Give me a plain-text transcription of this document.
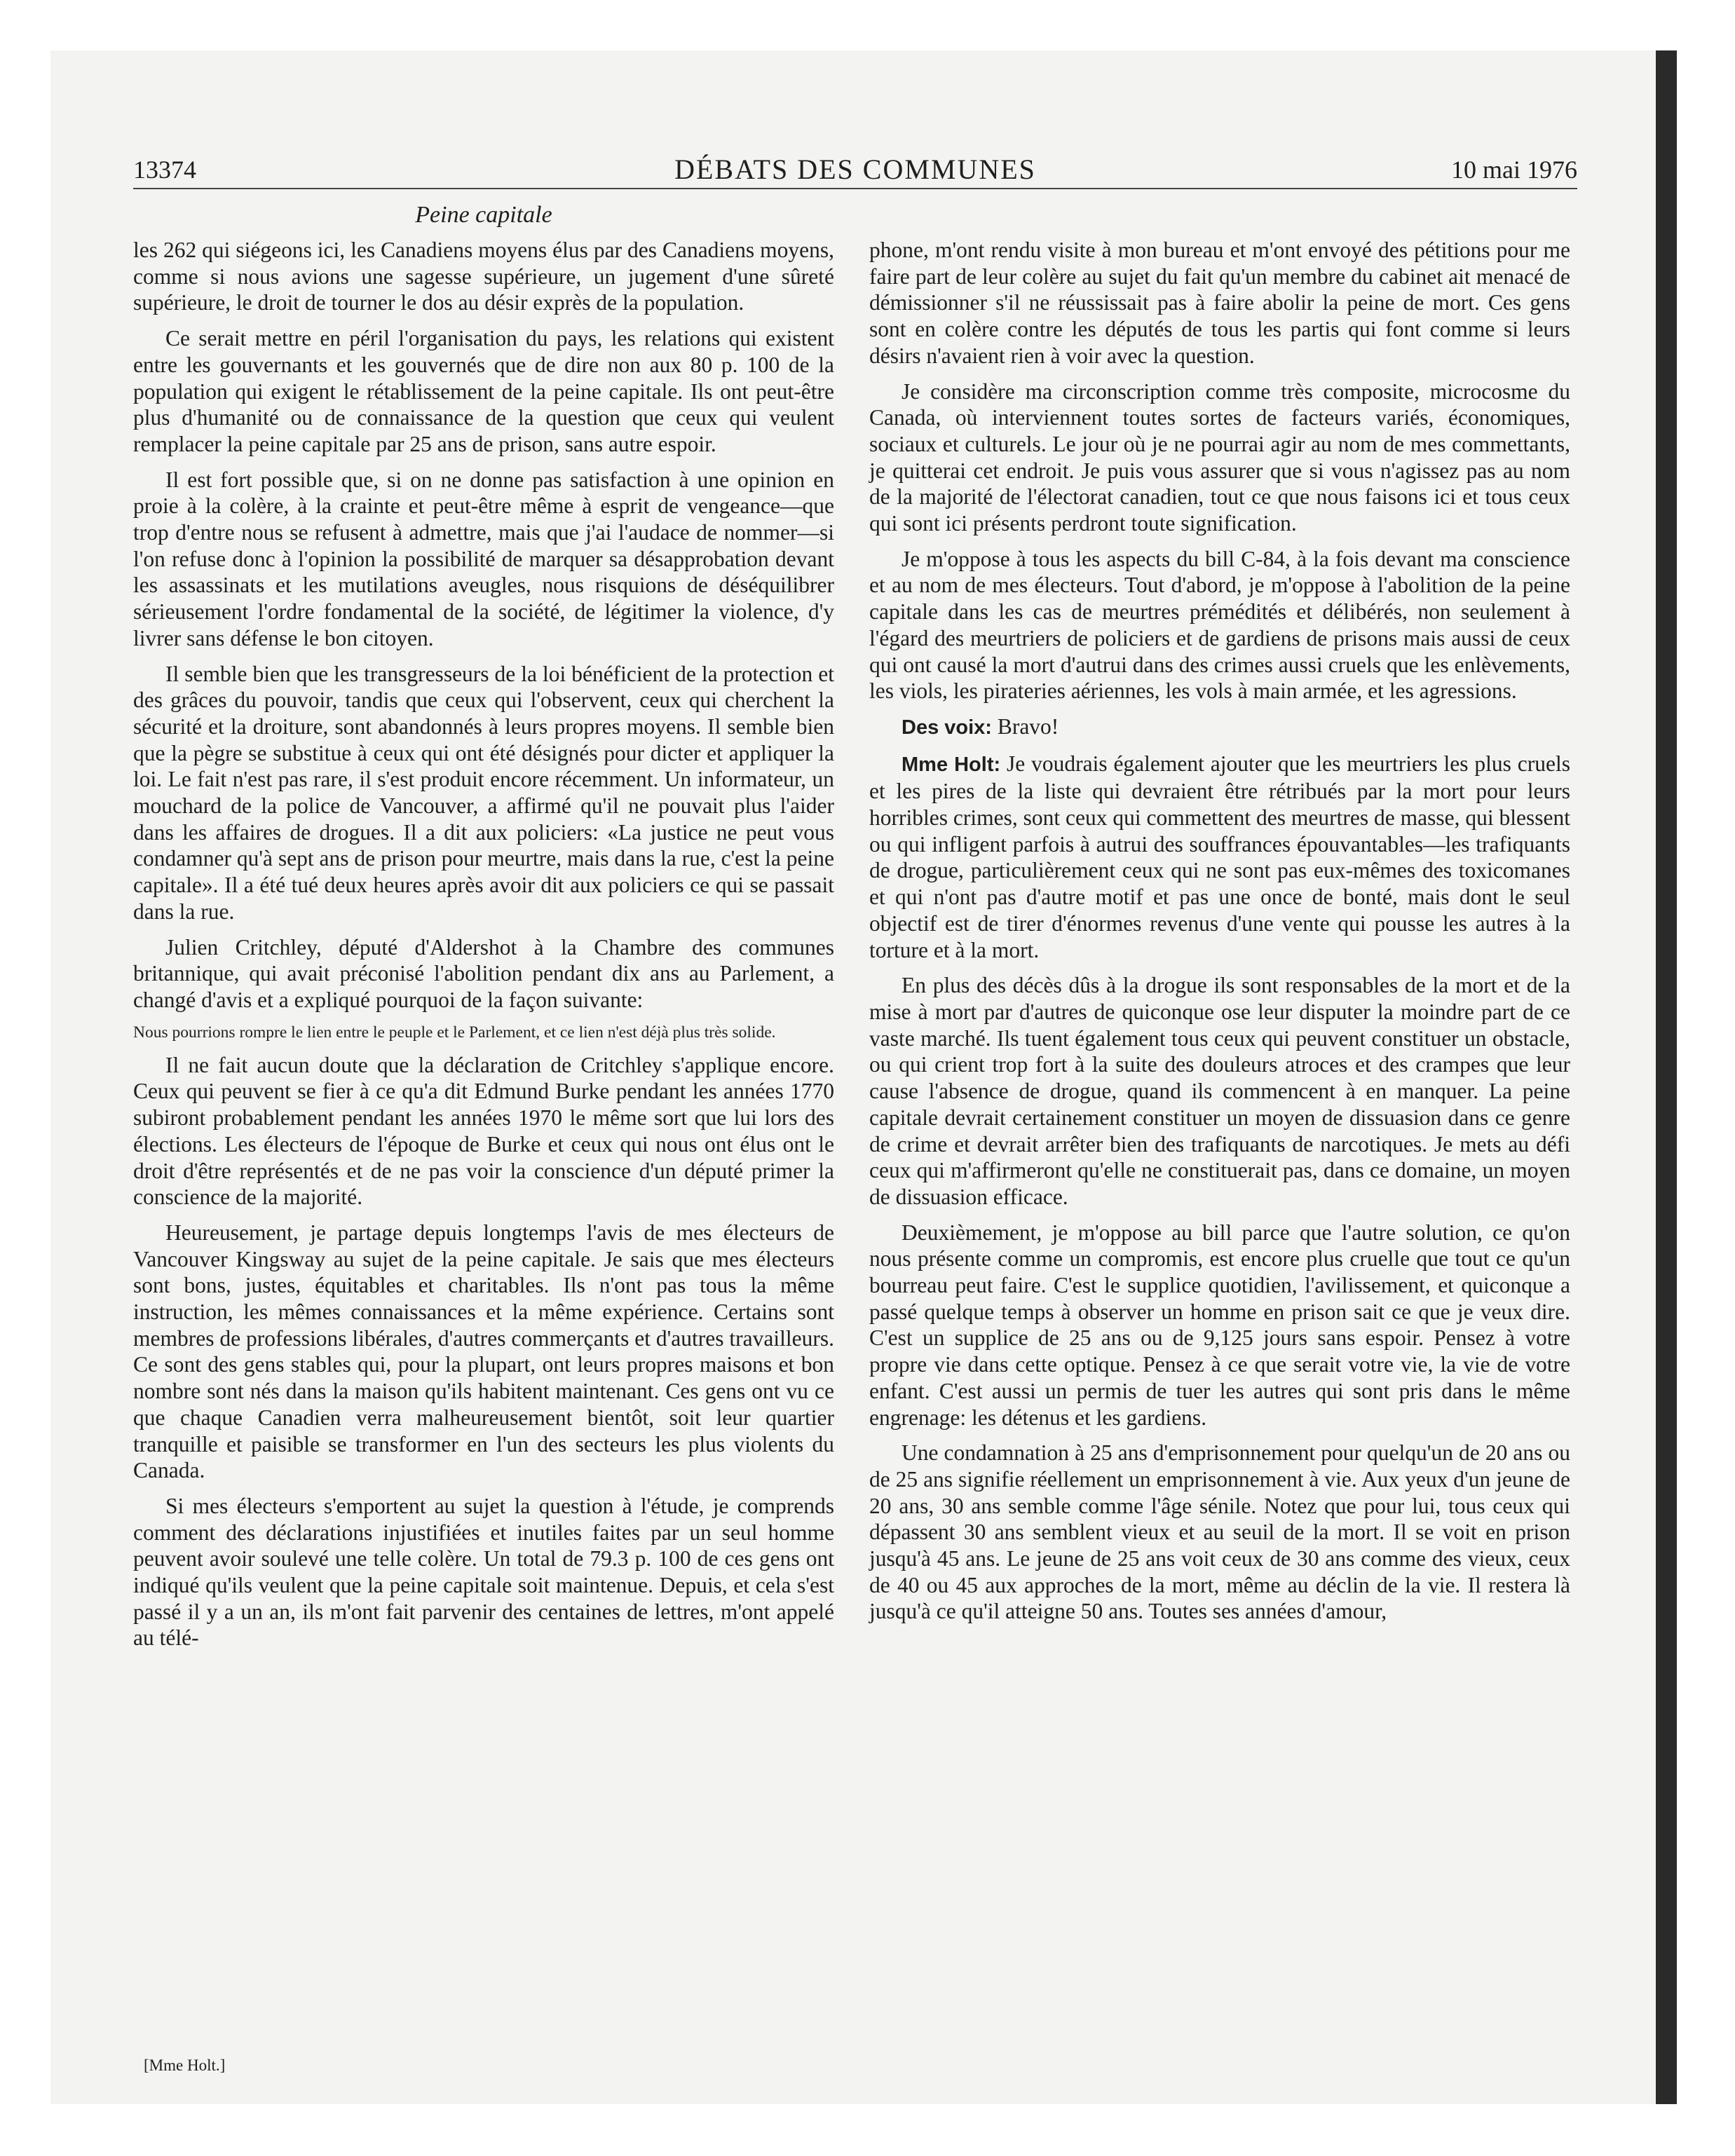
13374	DÉBATS DES COMMUNES	10 mai 1976
Peine capitale

les 262 qui siégeons ici, les Canadiens moyens élus par des Canadiens moyens, comme si nous avions une sagesse supérieure, un jugement d'une sûreté supérieure, le droit de tourner le dos au désir exprès de la population.

Ce serait mettre en péril l'organisation du pays, les relations qui existent entre les gouvernants et les gouvernés que de dire non aux 80 p. 100 de la population qui exigent le rétablissement de la peine capitale. Ils ont peut-être plus d'humanité ou de connaissance de la question que ceux qui veulent remplacer la peine capitale par 25 ans de prison, sans autre espoir.

Il est fort possible que, si on ne donne pas satisfaction à une opinion en proie à la colère, à la crainte et peut-être même à esprit de vengeance—que trop d'entre nous se refusent à admettre, mais que j'ai l'audace de nommer—si l'on refuse donc à l'opinion la possibilité de marquer sa désapprobation devant les assassinats et les mutilations aveugles, nous risquions de déséquilibrer sérieusement l'ordre fondamental de la société, de légitimer la violence, d'y livrer sans défense le bon citoyen.

Il semble bien que les transgresseurs de la loi bénéficient de la protection et des grâces du pouvoir, tandis que ceux qui l'observent, ceux qui cherchent la sécurité et la droiture, sont abandonnés à leurs propres moyens. Il semble bien que la pègre se substitue à ceux qui ont été désignés pour dicter et appliquer la loi. Le fait n'est pas rare, il s'est produit encore récemment. Un informateur, un mouchard de la police de Vancouver, a affirmé qu'il ne pouvait plus l'aider dans les affaires de drogues. Il a dit aux policiers: «La justice ne peut vous condamner qu'à sept ans de prison pour meurtre, mais dans la rue, c'est la peine capitale». Il a été tué deux heures après avoir dit aux policiers ce qui se passait dans la rue.

Julien Critchley, député d'Aldershot à la Chambre des communes britannique, qui avait préconisé l'abolition pendant dix ans au Parlement, a changé d'avis et a expliqué pourquoi de la façon suivante:

Nous pourrions rompre le lien entre le peuple et le Parlement, et ce lien n'est déjà plus très solide.

Il ne fait aucun doute que la déclaration de Critchley s'applique encore. Ceux qui peuvent se fier à ce qu'a dit Edmund Burke pendant les années 1770 subiront probablement pendant les années 1970 le même sort que lui lors des élections. Les électeurs de l'époque de Burke et ceux qui nous ont élus ont le droit d'être représentés et de ne pas voir la conscience d'un député primer la conscience de la majorité.

Heureusement, je partage depuis longtemps l'avis de mes électeurs de Vancouver Kingsway au sujet de la peine capitale. Je sais que mes électeurs sont bons, justes, équitables et charitables. Ils n'ont pas tous la même instruction, les mêmes connaissances et la même expérience. Certains sont membres de professions libérales, d'autres commerçants et d'autres travailleurs. Ce sont des gens stables qui, pour la plupart, ont leurs propres maisons et bon nombre sont nés dans la maison qu'ils habitent maintenant. Ces gens ont vu ce que chaque Canadien verra malheureusement bientôt, soit leur quartier tranquille et paisible se transformer en l'un des secteurs les plus violents du Canada.

Si mes électeurs s'emportent au sujet la question à l'étude, je comprends comment des déclarations injustifiées et inutiles faites par un seul homme peuvent avoir soulevé une telle colère. Un total de 79.3 p. 100 de ces gens ont indiqué qu'ils veulent que la peine capitale soit maintenue. Depuis, et cela s'est passé il y a un an, ils m'ont fait parvenir des centaines de lettres, m'ont appelé au télé-

phone, m'ont rendu visite à mon bureau et m'ont envoyé des pétitions pour me faire part de leur colère au sujet du fait qu'un membre du cabinet ait menacé de démissionner s'il ne réussissait pas à faire abolir la peine de mort. Ces gens sont en colère contre les députés de tous les partis qui font comme si leurs désirs n'avaient rien à voir avec la question.

Je considère ma circonscription comme très composite, microcosme du Canada, où interviennent toutes sortes de facteurs variés, économiques, sociaux et culturels. Le jour où je ne pourrai agir au nom de mes commettants, je quitterai cet endroit. Je puis vous assurer que si vous n'agissez pas au nom de la majorité de l'électorat canadien, tout ce que nous faisons ici et tous ceux qui sont ici présents perdront toute signification.

Je m'oppose à tous les aspects du bill C-84, à la fois devant ma conscience et au nom de mes électeurs. Tout d'abord, je m'oppose à l'abolition de la peine capitale dans les cas de meurtres prémédités et délibérés, non seulement à l'égard des meurtriers de policiers et de gardiens de prisons mais aussi de ceux qui ont causé la mort d'autrui dans des crimes aussi cruels que les enlèvements, les viols, les pirateries aériennes, les vols à main armée, et les agressions.

Des voix: Bravo!

Mme Holt: Je voudrais également ajouter que les meurtriers les plus cruels et les pires de la liste qui devraient être rétribués par la mort pour leurs horribles crimes, sont ceux qui commettent des meurtres de masse, qui blessent ou qui infligent parfois à autrui des souffrances épouvantables—les trafiquants de drogue, particulièrement ceux qui ne sont pas eux-mêmes des toxicomanes et qui n'ont pas d'autre motif et pas une once de bonté, mais dont le seul objectif est de tirer d'énormes revenus d'une vente qui pousse les autres à la torture et à la mort.

En plus des décès dûs à la drogue ils sont responsables de la mort et de la mise à mort par d'autres de quiconque ose leur disputer la moindre part de ce vaste marché. Ils tuent également tous ceux qui peuvent constituer un obstacle, ou qui crient trop fort à la suite des douleurs atroces et des crampes que leur cause l'absence de drogue, quand ils commencent à en manquer. La peine capitale devrait certainement constituer un moyen de dissuasion dans ce genre de crime et devrait arrêter bien des trafiquants de narcotiques. Je mets au défi ceux qui m'affirmeront qu'elle ne constituerait pas, dans ce domaine, un moyen de dissuasion efficace.

Deuxièmement, je m'oppose au bill parce que l'autre solution, ce qu'on nous présente comme un compromis, est encore plus cruelle que tout ce qu'un bourreau peut faire. C'est le supplice quotidien, l'avilissement, et quiconque a passé quelque temps à observer un homme en prison sait ce que je veux dire. C'est un supplice de 25 ans ou de 9,125 jours sans espoir. Pensez à votre propre vie dans cette optique. Pensez à ce que serait votre vie, la vie de votre enfant. C'est aussi un permis de tuer les autres qui sont pris dans le même engrenage: les détenus et les gardiens.

Une condamnation à 25 ans d'emprisonnement pour quelqu'un de 20 ans ou de 25 ans signifie réellement un emprisonnement à vie. Aux yeux d'un jeune de 20 ans, 30 ans semble comme l'âge sénile. Notez que pour lui, tous ceux qui dépassent 30 ans semblent vieux et au seuil de la mort. Il se voit en prison jusqu'à 45 ans. Le jeune de 25 ans voit ceux de 30 ans comme des vieux, ceux de 40 ou 45 aux approches de la mort, même au déclin de la vie. Il restera là jusqu'à ce qu'il atteigne 50 ans. Toutes ses années d'amour,

[Mme Holt.]
